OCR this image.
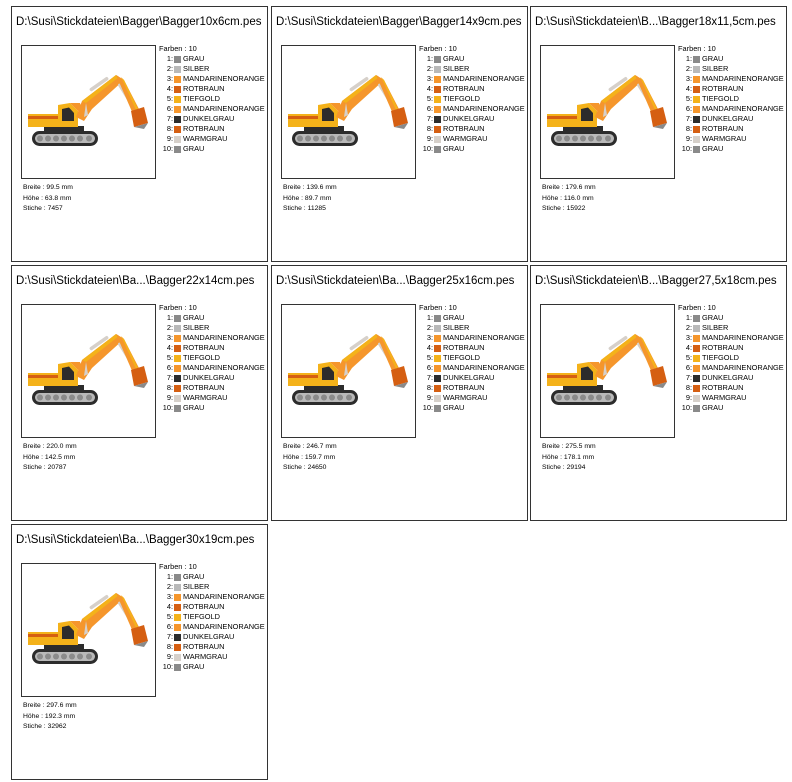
D:\Susi\Stickdateien\Bagger\Bagger10x6cm.pes
Farben : 10
1: GRAU
2: SILBER
3: MANDARINENORANGE
4: ROTBRAUN
5: TIEFGOLD
6: MANDARINENORANGE
7: DUNKELGRAU
8: ROTBRAUN
9: WARMGRAU
10: GRAU
Breite : 99.5 mm
Höhe : 63.8 mm
Stiche : 7457
D:\Susi\Stickdateien\Bagger\Bagger14x9cm.pes
Farben : 10
1: GRAU
2: SILBER
3: MANDARINENORANGE
4: ROTBRAUN
5: TIEFGOLD
6: MANDARINENORANGE
7: DUNKELGRAU
8: ROTBRAUN
9: WARMGRAU
10: GRAU
Breite : 139.6 mm
Höhe : 89.7 mm
Stiche : 11285
D:\Susi\Stickdateien\B...\Bagger18x11,5cm.pes
Farben : 10
1: GRAU
2: SILBER
3: MANDARINENORANGE
4: ROTBRAUN
5: TIEFGOLD
6: MANDARINENORANGE
7: DUNKELGRAU
8: ROTBRAUN
9: WARMGRAU
10: GRAU
Breite : 179.6 mm
Höhe : 116.0 mm
Stiche : 15922
D:\Susi\Stickdateien\Ba...\Bagger22x14cm.pes
Farben : 10
1: GRAU
2: SILBER
3: MANDARINENORANGE
4: ROTBRAUN
5: TIEFGOLD
6: MANDARINENORANGE
7: DUNKELGRAU
8: ROTBRAUN
9: WARMGRAU
10: GRAU
Breite : 220.0 mm
Höhe : 142.5 mm
Stiche : 20787
D:\Susi\Stickdateien\Ba...\Bagger25x16cm.pes
Farben : 10
1: GRAU
2: SILBER
3: MANDARINENORANGE
4: ROTBRAUN
5: TIEFGOLD
6: MANDARINENORANGE
7: DUNKELGRAU
8: ROTBRAUN
9: WARMGRAU
10: GRAU
Breite : 246.7 mm
Höhe : 159.7 mm
Stiche : 24650
D:\Susi\Stickdateien\B...\Bagger27,5x18cm.pes
Farben : 10
1: GRAU
2: SILBER
3: MANDARINENORANGE
4: ROTBRAUN
5: TIEFGOLD
6: MANDARINENORANGE
7: DUNKELGRAU
8: ROTBRAUN
9: WARMGRAU
10: GRAU
Breite : 275.5 mm
Höhe : 178.1 mm
Stiche : 29194
D:\Susi\Stickdateien\Ba...\Bagger30x19cm.pes
Farben : 10
1: GRAU
2: SILBER
3: MANDARINENORANGE
4: ROTBRAUN
5: TIEFGOLD
6: MANDARINENORANGE
7: DUNKELGRAU
8: ROTBRAUN
9: WARMGRAU
10: GRAU
Breite : 297.6 mm
Höhe : 192.3 mm
Stiche : 32962
